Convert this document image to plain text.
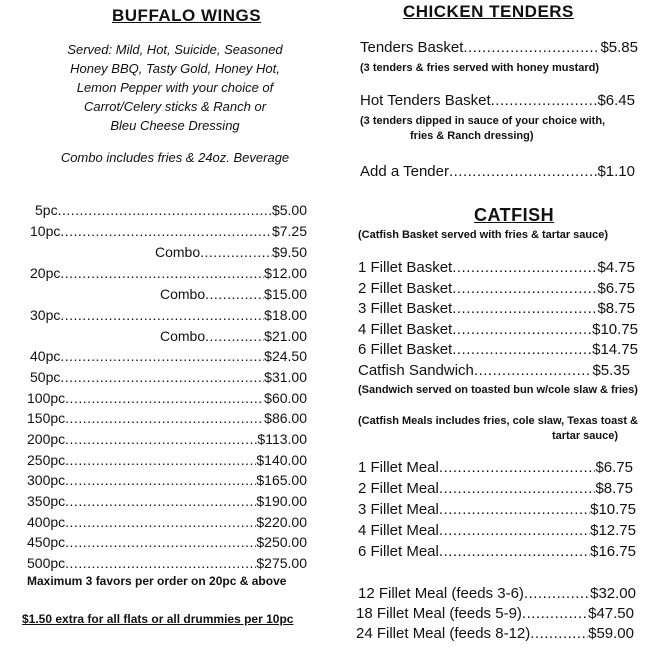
BUFFALO WINGS
Served: Mild, Hot, Suicide, Seasoned
Honey BBQ, Tasty Gold, Honey Hot,
Lemon Pepper with your choice of
Carrot/Celery sticks & Ranch or
Bleu Cheese Dressing
Combo includes fries & 24oz. Beverage
5pc .....	$5.00
10pc .....	$7.25
Combo .....	$9.50
20pc .....	$12.00
Combo .....	$15.00
30pc .....	$18.00
Combo .....	$21.00
40pc .....	$24.50
50pc .....	$31.00
100pc .....	$60.00
150pc .....	$86.00
200pc .....	$113.00
250pc .....	$140.00
300pc .....	$165.00
350pc .....	$190.00
400pc .....	$220.00
450pc .....	$250.00
500pc .....	$275.00
Maximum 3 favors per order on 20pc & above
$1.50 extra for all flats or all drummies per 10pc
CHICKEN TENDERS
Tenders Basket .....	$5.85
(3 tenders & fries served with honey mustard)
Hot Tenders Basket .....	$6.45
(3 tenders dipped in sauce of your choice with,
fries & Ranch dressing)
Add a Tender .....	$1.10
CATFISH
(Catfish Basket served with fries & tartar sauce)
1 Fillet Basket .....	$4.75
2 Fillet Basket .....	$6.75
3 Fillet Basket .....	$8.75
4 Fillet Basket .....	$10.75
6 Fillet Basket .....	$14.75
Catfish Sandwich .....	$5.35
(Sandwich served on toasted bun w/cole slaw & fries)
(Catfish Meals includes fries, cole slaw, Texas toast &
tartar sauce)
1 Fillet Meal .....	$6.75
2 Fillet Meal .....	$8.75
3 Fillet Meal .....	$10.75
4 Fillet Meal .....	$12.75
6 Fillet Meal .....	$16.75
12 Fillet Meal (feeds 3-6) .....	$32.00
18 Fillet Meal (feeds 5-9) .....	$47.50
24 Fillet Meal (feeds 8-12) .....	$59.00
